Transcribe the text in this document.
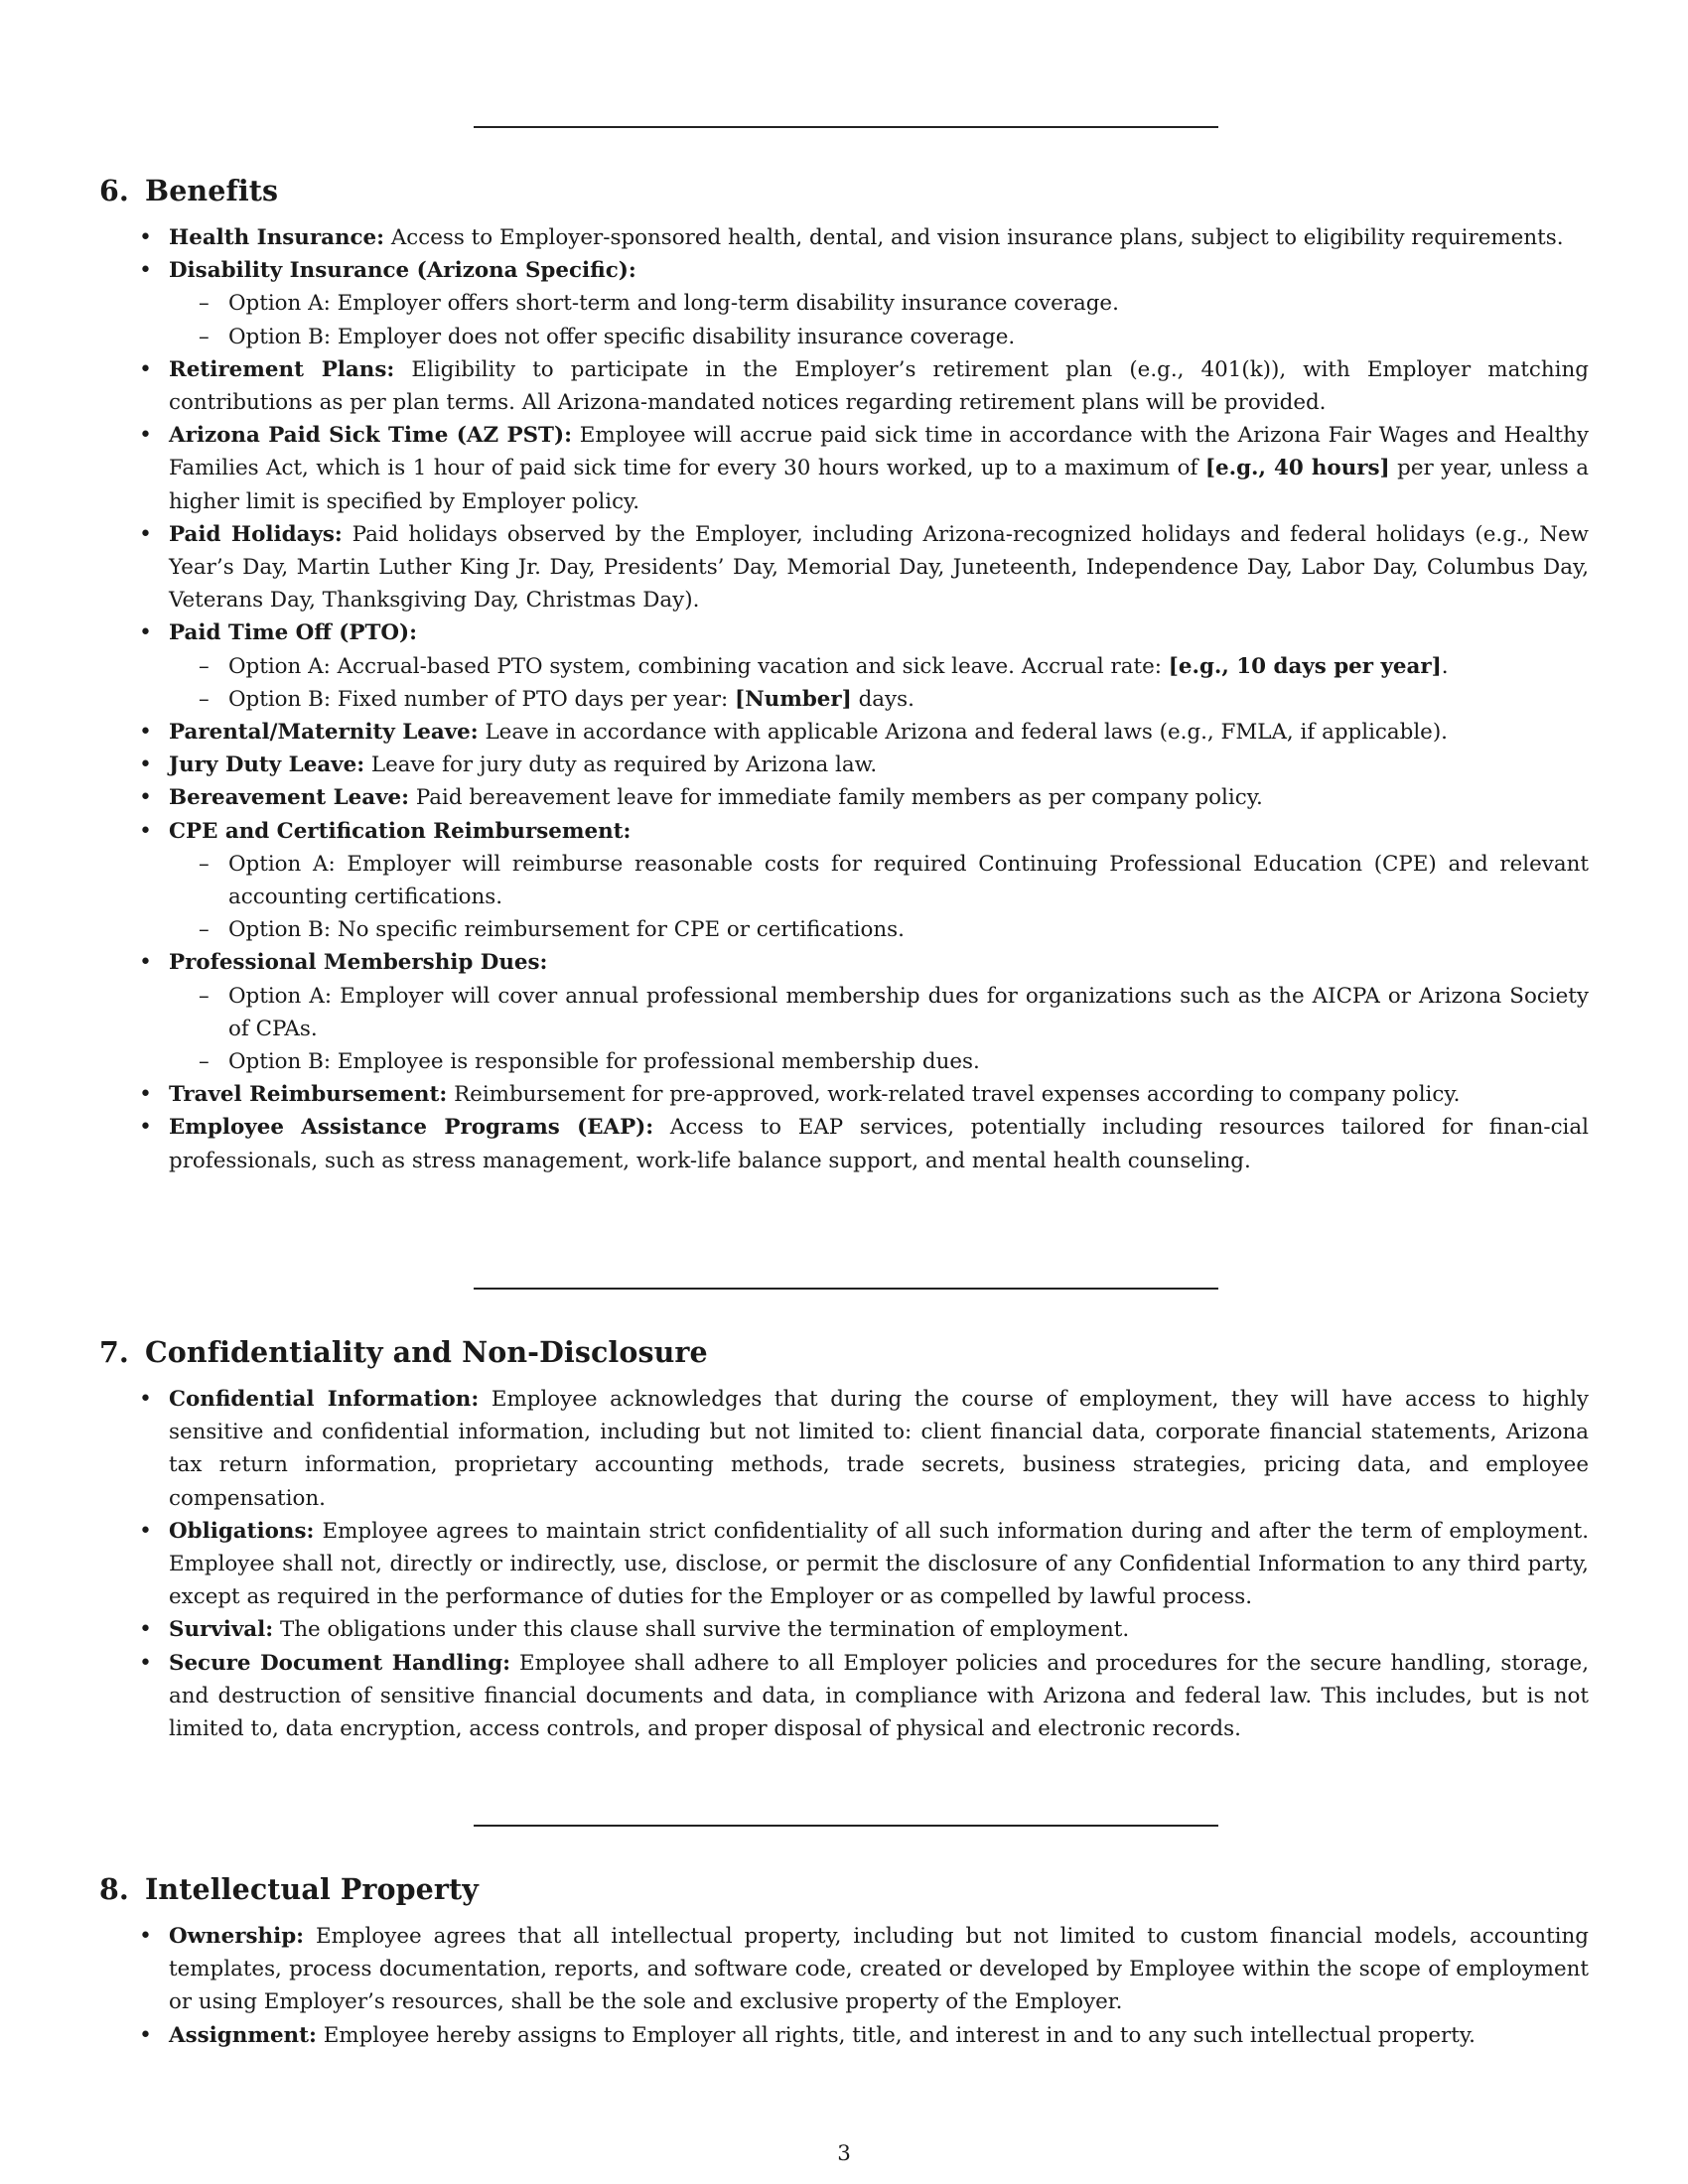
6. Benefits
• Health Insurance: Access to Employer-sponsored health, dental, and vision insurance plans, subject to eligibility requirements.
• Disability Insurance (Arizona Specific):
– Option A: Employer offers short-term and long-term disability insurance coverage.
– Option B: Employer does not offer specific disability insurance coverage.
• Retirement Plans: Eligibility to participate in the Employer’s retirement plan (e.g., 401(k)), with Employer matching contributions as per plan terms. All Arizona-mandated notices regarding retirement plans will be provided.
• Arizona Paid Sick Time (AZ PST): Employee will accrue paid sick time in accordance with the Arizona Fair Wages and Healthy Families Act, which is 1 hour of paid sick time for every 30 hours worked, up to a maximum of [e.g., 40 hours] per year, unless a higher limit is specified by Employer policy.
• Paid Holidays: Paid holidays observed by the Employer, including Arizona-recognized holidays and federal holidays (e.g., New Year’s Day, Martin Luther King Jr. Day, Presidents’ Day, Memorial Day, Juneteenth, Independence Day, Labor Day, Columbus Day, Veterans Day, Thanksgiving Day, Christmas Day).
• Paid Time Off (PTO):
– Option A: Accrual-based PTO system, combining vacation and sick leave. Accrual rate: [e.g., 10 days per year].
– Option B: Fixed number of PTO days per year: [Number] days.
• Parental/Maternity Leave: Leave in accordance with applicable Arizona and federal laws (e.g., FMLA, if applicable).
• Jury Duty Leave: Leave for jury duty as required by Arizona law.
• Bereavement Leave: Paid bereavement leave for immediate family members as per company policy.
• CPE and Certification Reimbursement:
– Option A: Employer will reimburse reasonable costs for required Continuing Professional Education (CPE) and relevant accounting certifications.
– Option B: No specific reimbursement for CPE or certifications.
• Professional Membership Dues:
– Option A: Employer will cover annual professional membership dues for organizations such as the AICPA or Arizona Society of CPAs.
– Option B: Employee is responsible for professional membership dues.
• Travel Reimbursement: Reimbursement for pre-approved, work-related travel expenses according to company policy.
• Employee Assistance Programs (EAP): Access to EAP services, potentially including resources tailored for finan-cial professionals, such as stress management, work-life balance support, and mental health counseling.
7. Confidentiality and Non-Disclosure
• Confidential Information: Employee acknowledges that during the course of employment, they will have access to highly sensitive and confidential information, including but not limited to: client financial data, corporate financial statements, Arizona tax return information, proprietary accounting methods, trade secrets, business strategies, pricing data, and employee compensation.
• Obligations: Employee agrees to maintain strict confidentiality of all such information during and after the term of employment. Employee shall not, directly or indirectly, use, disclose, or permit the disclosure of any Confidential Information to any third party, except as required in the performance of duties for the Employer or as compelled by lawful process.
• Survival: The obligations under this clause shall survive the termination of employment.
• Secure Document Handling: Employee shall adhere to all Employer policies and procedures for the secure handling, storage, and destruction of sensitive financial documents and data, in compliance with Arizona and federal law. This includes, but is not limited to, data encryption, access controls, and proper disposal of physical and electronic records.
8. Intellectual Property
• Ownership: Employee agrees that all intellectual property, including but not limited to custom financial models, accounting templates, process documentation, reports, and software code, created or developed by Employee within the scope of employment or using Employer’s resources, shall be the sole and exclusive property of the Employer.
• Assignment: Employee hereby assigns to Employer all rights, title, and interest in and to any such intellectual property.
3
